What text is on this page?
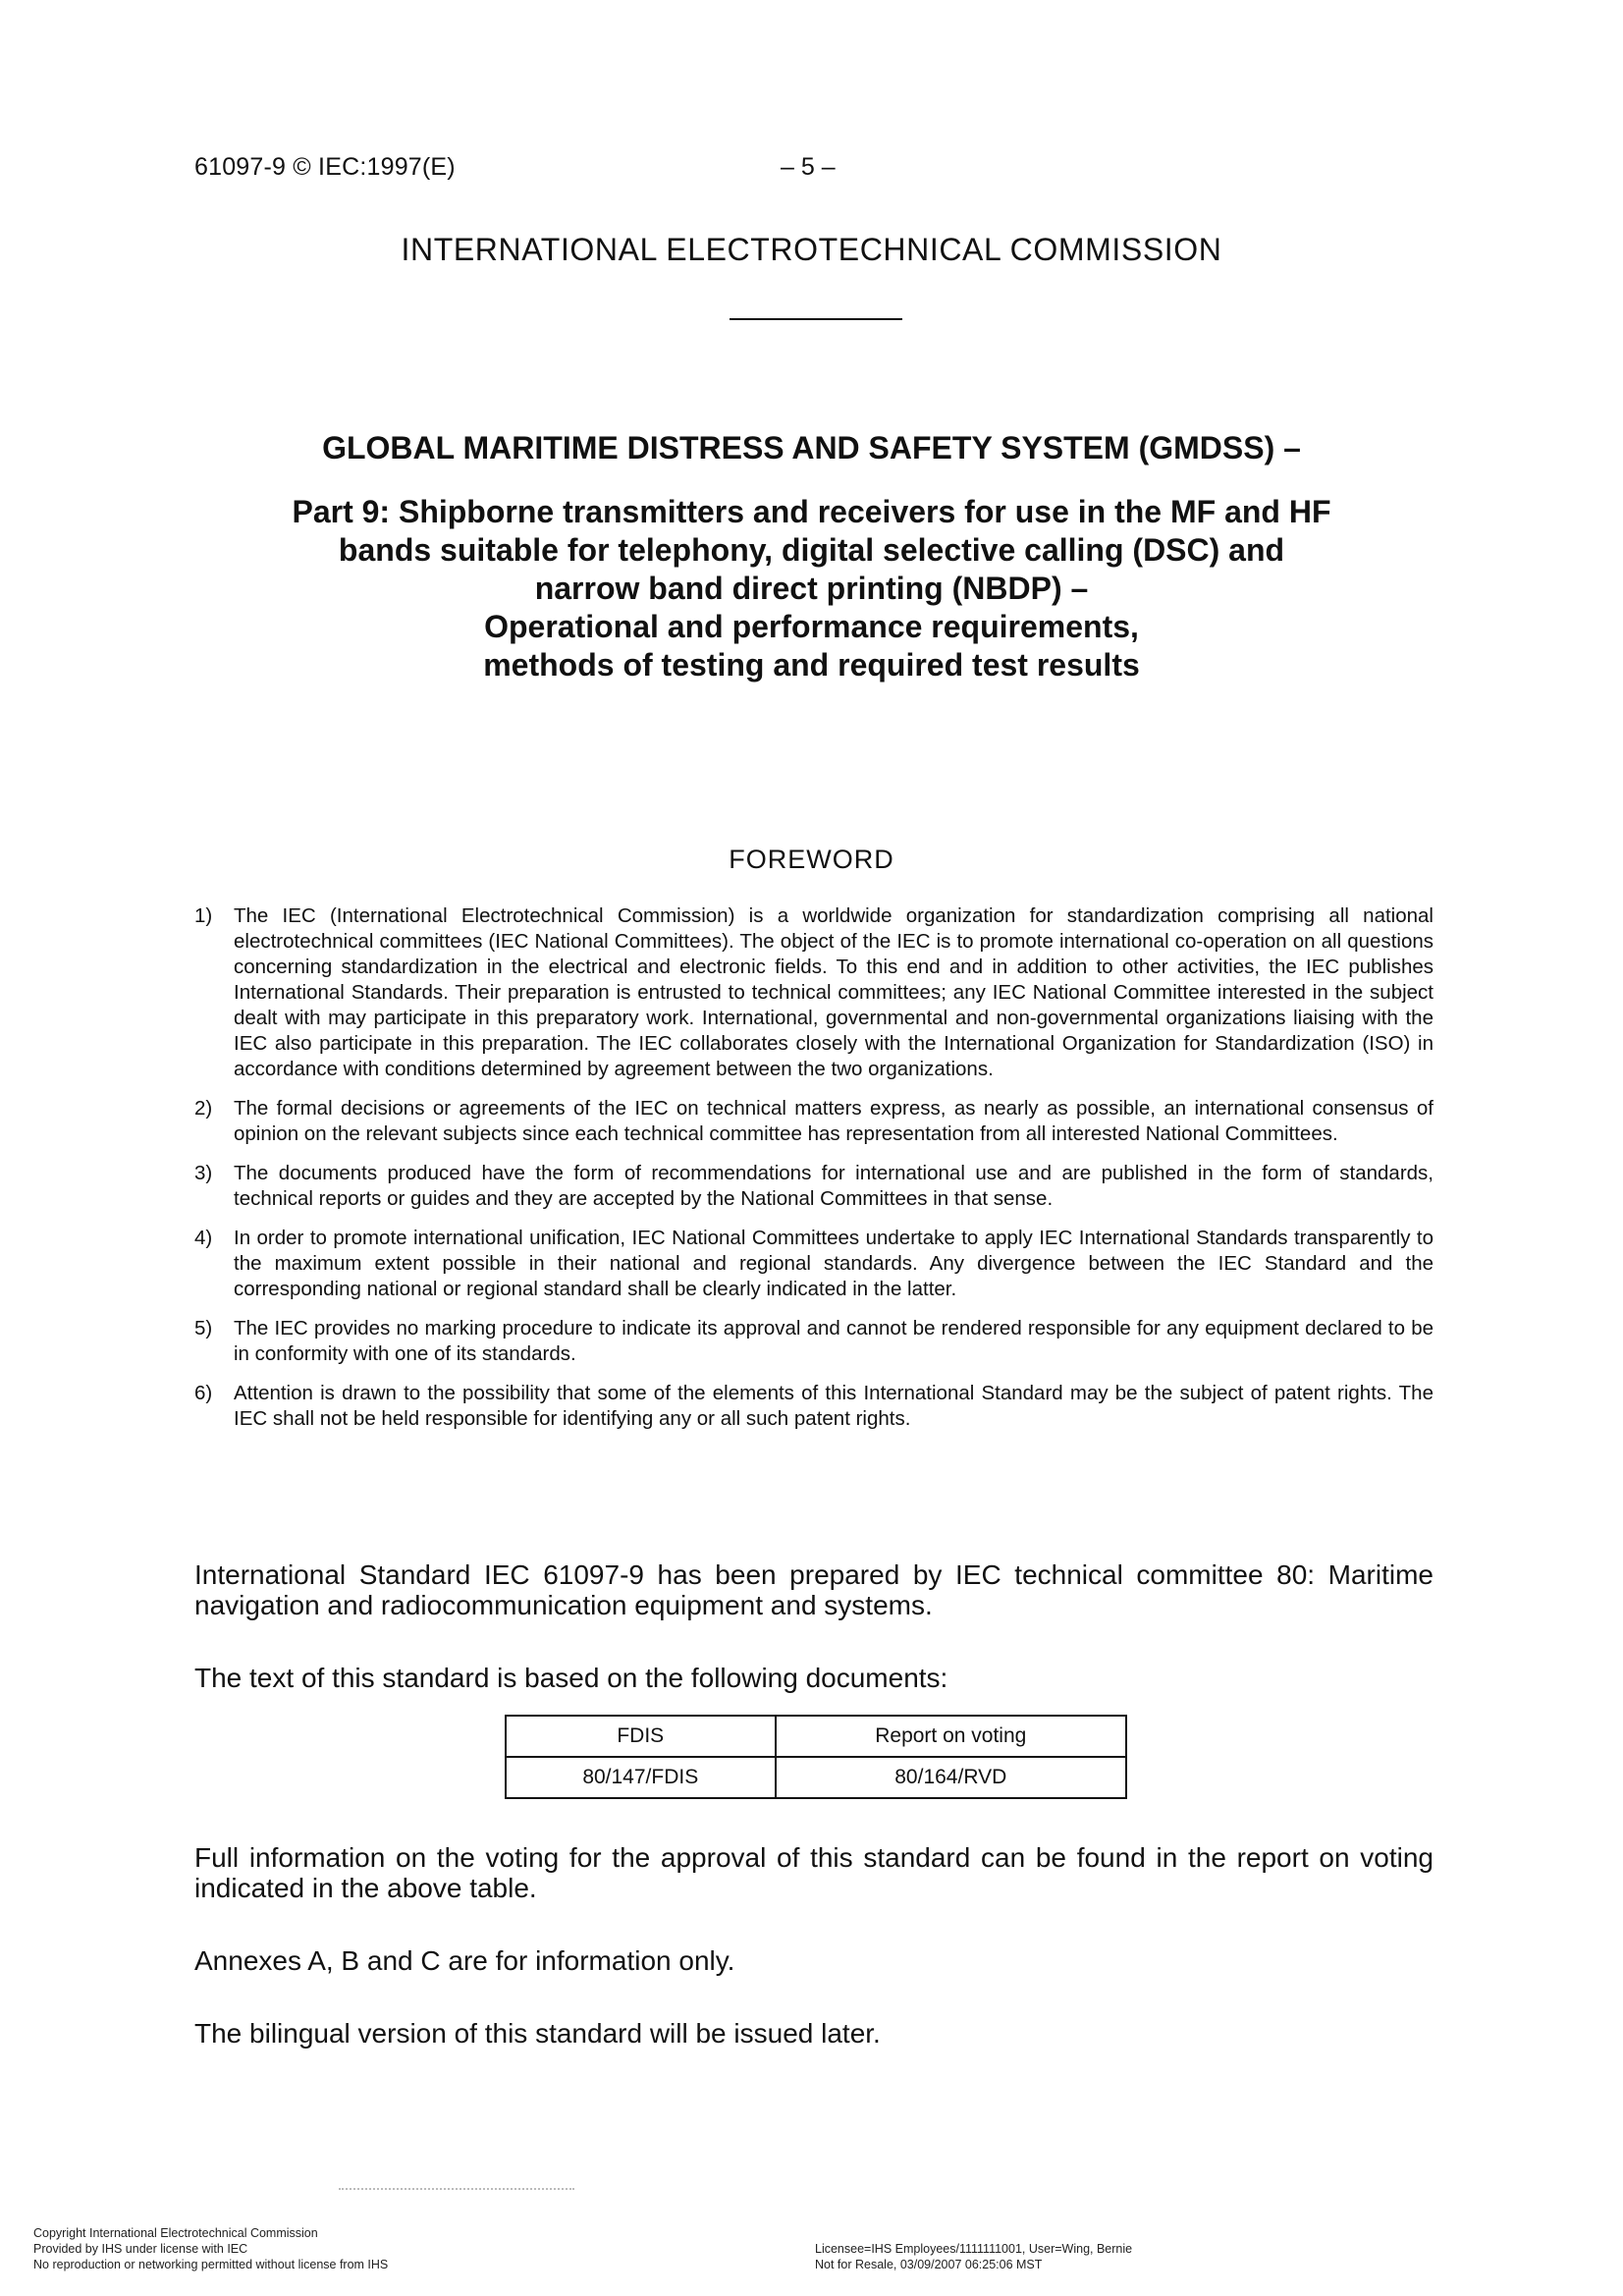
61097-9 © IEC:1997(E)	– 5 –
INTERNATIONAL ELECTROTECHNICAL COMMISSION
GLOBAL MARITIME DISTRESS AND SAFETY SYSTEM (GMDSS) –
Part 9: Shipborne transmitters and receivers for use in the MF and HF
bands suitable for telephony, digital selective calling (DSC) and
narrow band direct printing (NBDP) –
Operational and performance requirements,
methods of testing and required test results
FOREWORD
1)	The IEC (International Electrotechnical Commission) is a worldwide organization for standardization comprising all national electrotechnical committees (IEC National Committees). The object of the IEC is to promote international co-operation on all questions concerning standardization in the electrical and electronic fields. To this end and in addition to other activities, the IEC publishes International Standards. Their preparation is entrusted to technical committees; any IEC National Committee interested in the subject dealt with may participate in this preparatory work. International, governmental and non-governmental organizations liaising with the IEC also participate in this preparation. The IEC collaborates closely with the International Organization for Standardization (ISO) in accordance with conditions determined by agreement between the two organizations.
2)	The formal decisions or agreements of the IEC on technical matters express, as nearly as possible, an international consensus of opinion on the relevant subjects since each technical committee has representation from all interested National Committees.
3)	The documents produced have the form of recommendations for international use and are published in the form of standards, technical reports or guides and they are accepted by the National Committees in that sense.
4)	In order to promote international unification, IEC National Committees undertake to apply IEC International Standards transparently to the maximum extent possible in their national and regional standards. Any divergence between the IEC Standard and the corresponding national or regional standard shall be clearly indicated in the latter.
5)	The IEC provides no marking procedure to indicate its approval and cannot be rendered responsible for any equipment declared to be in conformity with one of its standards.
6)	Attention is drawn to the possibility that some of the elements of this International Standard may be the subject of patent rights. The IEC shall not be held responsible for identifying any or all such patent rights.
International Standard IEC 61097-9 has been prepared by IEC technical committee 80: Maritime navigation and radiocommunication equipment and systems.
The text of this standard is based on the following documents:
FDIS	Report on voting
80/147/FDIS	80/164/RVD
Full information on the voting for the approval of this standard can be found in the report on voting indicated in the above table.
Annexes A, B and C are for information only.
The bilingual version of this standard will be issued later.
Copyright International Electrotechnical Commission
Provided by IHS under license with IEC
No reproduction or networking permitted without license from IHS
Licensee=IHS Employees/1111111001, User=Wing, Bernie
Not for Resale, 03/09/2007 06:25:06 MST
